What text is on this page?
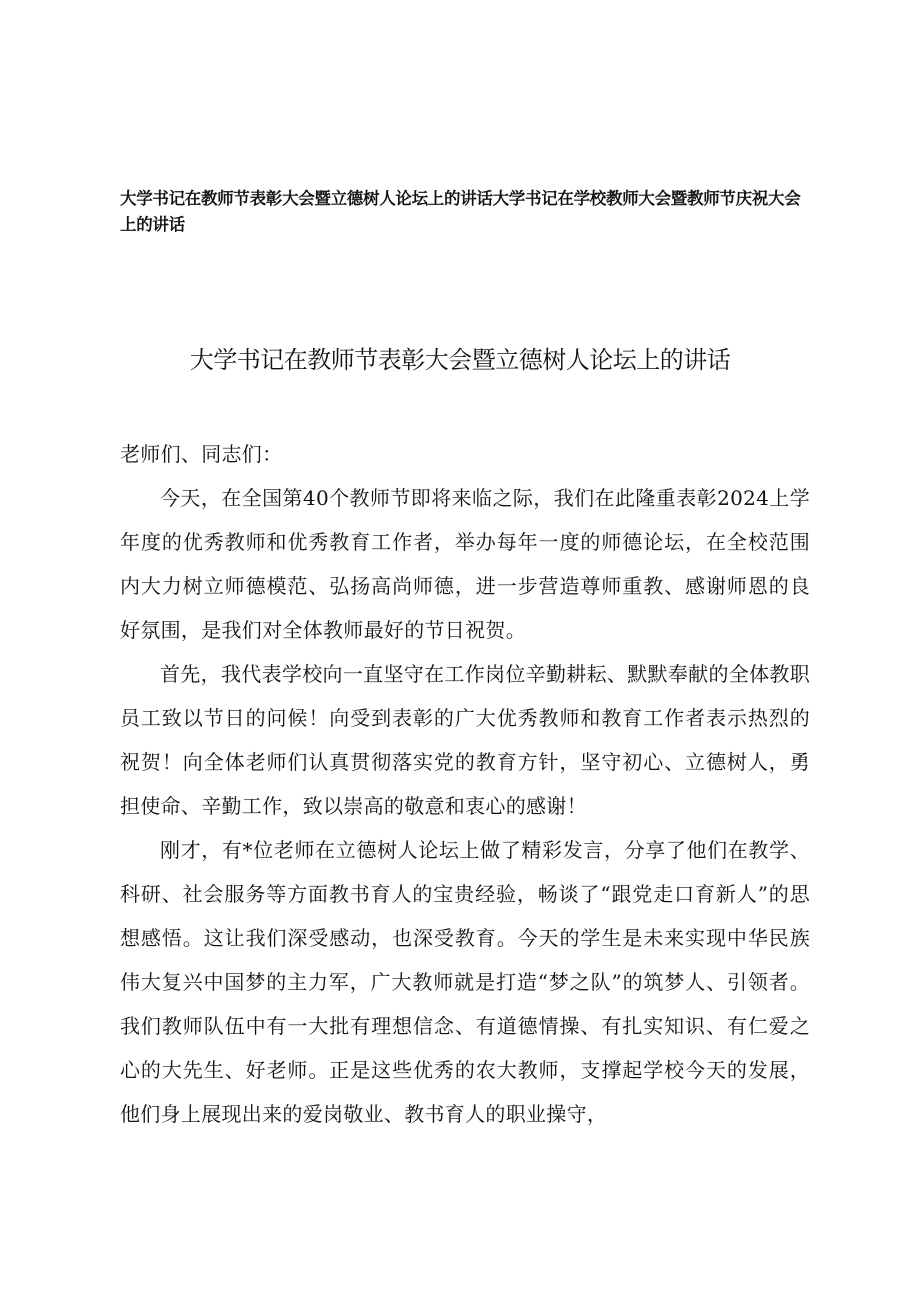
大学书记在教师节表彰大会暨立德树人论坛上的讲话大学书记在学校教师大会暨教师节庆祝大会上的讲话
大学书记在教师节表彰大会暨立德树人论坛上的讲话

老师们、同志们：

今天，在全国第40个教师节即将来临之际，我们在此隆重表彰2024上学年度的优秀教师和优秀教育工作者，举办每年一度的师德论坛，在全校范围内大力树立师德模范、弘扬高尚师德，进一步营造尊师重教、感谢师恩的良好氛围，是我们对全体教师最好的节日祝贺。

首先，我代表学校向一直坚守在工作岗位辛勤耕耘、默默奉献的全体教职员工致以节日的问候！向受到表彰的广大优秀教师和教育工作者表示热烈的祝贺！向全体老师们认真贯彻落实党的教育方针，坚守初心、立德树人，勇担使命、辛勤工作，致以崇高的敬意和衷心的感谢！

刚才，有*位老师在立德树人论坛上做了精彩发言，分享了他们在教学、科研、社会服务等方面教书育人的宝贵经验，畅谈了“跟党走口育新人”的思想感悟。这让我们深受感动，也深受教育。今天的学生是未来实现中华民族伟大复兴中国梦的主力军，广大教师就是打造“梦之队”的筑梦人、引领者。我们教师队伍中有一大批有理想信念、有道德情操、有扎实知识、有仁爱之心的大先生、好老师。正是这些优秀的农大教师，支撑起学校今天的发展，他们身上展现出来的爱岗敬业、教书育人的职业操守，
